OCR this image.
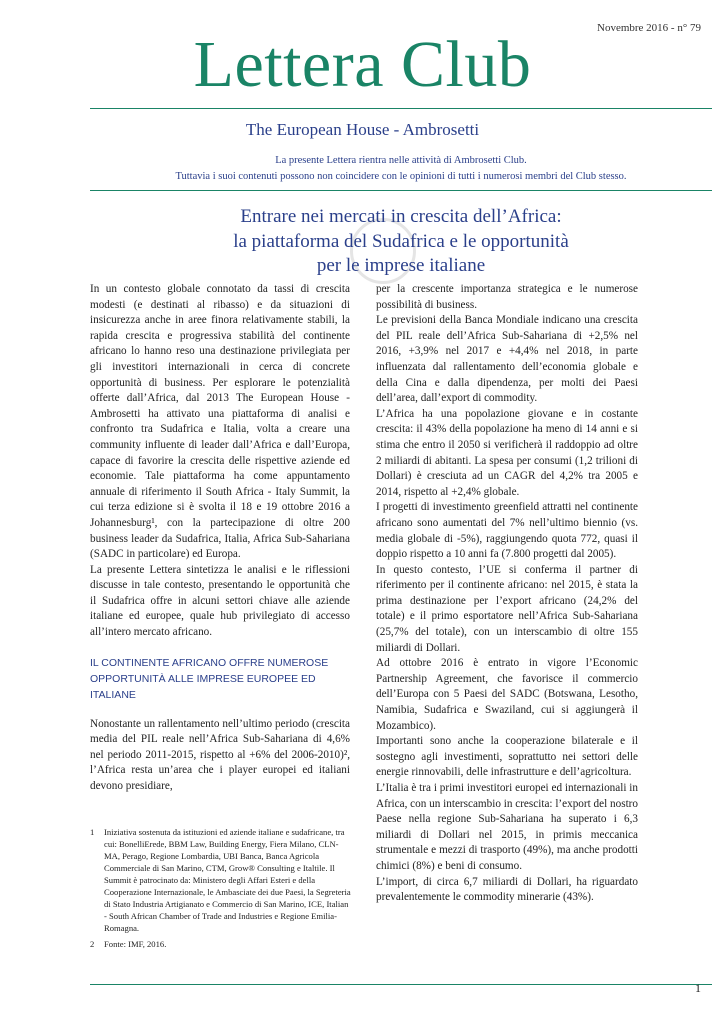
Novembre 2016 - n° 79
Lettera Club
The European House - Ambrosetti
La presente Lettera rientra nelle attività di Ambrosetti Club.
Tuttavia i suoi contenuti possono non coincidere con le opinioni di tutti i numerosi membri del Club stesso.
Entrare nei mercati in crescita dell’Africa:
la piattaforma del Sudafrica e le opportunità
per le imprese italiane

In un contesto globale connotato da tassi di crescita modesti (e destinati al ribasso) e da situazioni di insicurezza anche in aree finora relativamente stabili, la rapida crescita e progressiva stabilità del continente africano lo hanno reso una destinazione privilegiata per gli investitori internazionali in cerca di concrete opportunità di business. Per esplorare le potenzialità offerte dall’Africa, dal 2013 The European House - Ambrosetti ha attivato una piattaforma di analisi e confronto tra Sudafrica e Italia, volta a creare una community influente di leader dall’Africa e dall’Europa, capace di favorire la crescita delle rispettive aziende ed economie. Tale piattaforma ha come appuntamento annuale di riferimento il South Africa - Italy Summit, la cui terza edizione si è svolta il 18 e 19 ottobre 2016 a Johannesburg¹, con la partecipazione di oltre 200 business leader da Sudafrica, Italia, Africa Sub-Sahariana (SADC in particolare) ed Europa.

La presente Lettera sintetizza le analisi e le riflessioni discusse in tale contesto, presentando le opportunità che il Sudafrica offre in alcuni settori chiave alle aziende italiane ed europee, quale hub privilegiato di accesso all’intero mercato africano.

IL CONTINENTE AFRICANO OFFRE NUMEROSE OPPORTUNITÀ ALLE IMPRESE EUROPEE ED ITALIANE

Nonostante un rallentamento nell’ultimo periodo (crescita media del PIL reale nell’Africa Sub-Sahariana di 4,6% nel periodo 2011-2015, rispetto al +6% del 2006-2010)², l’Africa resta un’area che i player europei ed italiani devono presidiare,

per la crescente importanza strategica e le numerose possibilità di business.

Le previsioni della Banca Mondiale indicano una crescita del PIL reale dell’Africa Sub-Sahariana di +2,5% nel 2016, +3,9% nel 2017 e +4,4% nel 2018, in parte influenzata dal rallentamento dell’economia globale e della Cina e dalla dipendenza, per molti dei Paesi dell’area, dall’export di commodity.

L’Africa ha una popolazione giovane e in costante crescita: il 43% della popolazione ha meno di 14 anni e si stima che entro il 2050 si verificherà il raddoppio ad oltre 2 miliardi di abitanti. La spesa per consumi (1,2 trilioni di Dollari) è cresciuta ad un CAGR del 4,2% tra 2005 e 2014, rispetto al +2,4% globale.

I progetti di investimento greenfield attratti nel continente africano sono aumentati del 7% nell’ultimo biennio (vs. media globale di -5%), raggiungendo quota 772, quasi il doppio rispetto a 10 anni fa (7.800 progetti dal 2005).

In questo contesto, l’UE si conferma il partner di riferimento per il continente africano: nel 2015, è stata la prima destinazione per l’export africano (24,2% del totale) e il primo esportatore nell’Africa Sub-Sahariana (25,7% del totale), con un interscambio di oltre 155 miliardi di Dollari.

Ad ottobre 2016 è entrato in vigore l’Economic Partnership Agreement, che favorisce il commercio dell’Europa con 5 Paesi del SADC (Botswana, Lesotho, Namibia, Sudafrica e Swaziland, cui si aggiungerà il Mozambico).

Importanti sono anche la cooperazione bilaterale e il sostegno agli investimenti, soprattutto nei settori delle energie rinnovabili, delle infrastrutture e dell’agricoltura.

L’Italia è tra i primi investitori europei ed internazionali in Africa, con un interscambio in crescita: l’export del nostro Paese nella regione Sub-Sahariana ha superato i 6,3 miliardi di Dollari nel 2015, in primis meccanica strumentale e mezzi di trasporto (49%), ma anche prodotti chimici (8%) e beni di consumo.

L’import, di circa 6,7 miliardi di Dollari, ha riguardato prevalentemente le commodity minerarie (43%).

1	Iniziativa sostenuta da istituzioni ed aziende italiane e sudafricane, tra cui: BonelliErede, BBM Law, Building Energy, Fiera Milano, CLN-MA, Perago, Regione Lombardia, UBI Banca, Banca Agricola Commerciale di San Marino, CTM, Grow® Consulting e Italtile. Il Summit è patrocinato da: Ministero degli Affari Esteri e della Cooperazione Internazionale, le Ambasciate dei due Paesi, la Segreteria di Stato Industria Artigianato e Commercio di San Marino, ICE, Italian - South African Chamber of Trade and Industries e Regione Emilia-Romagna.
2	Fonte: IMF, 2016.
1
